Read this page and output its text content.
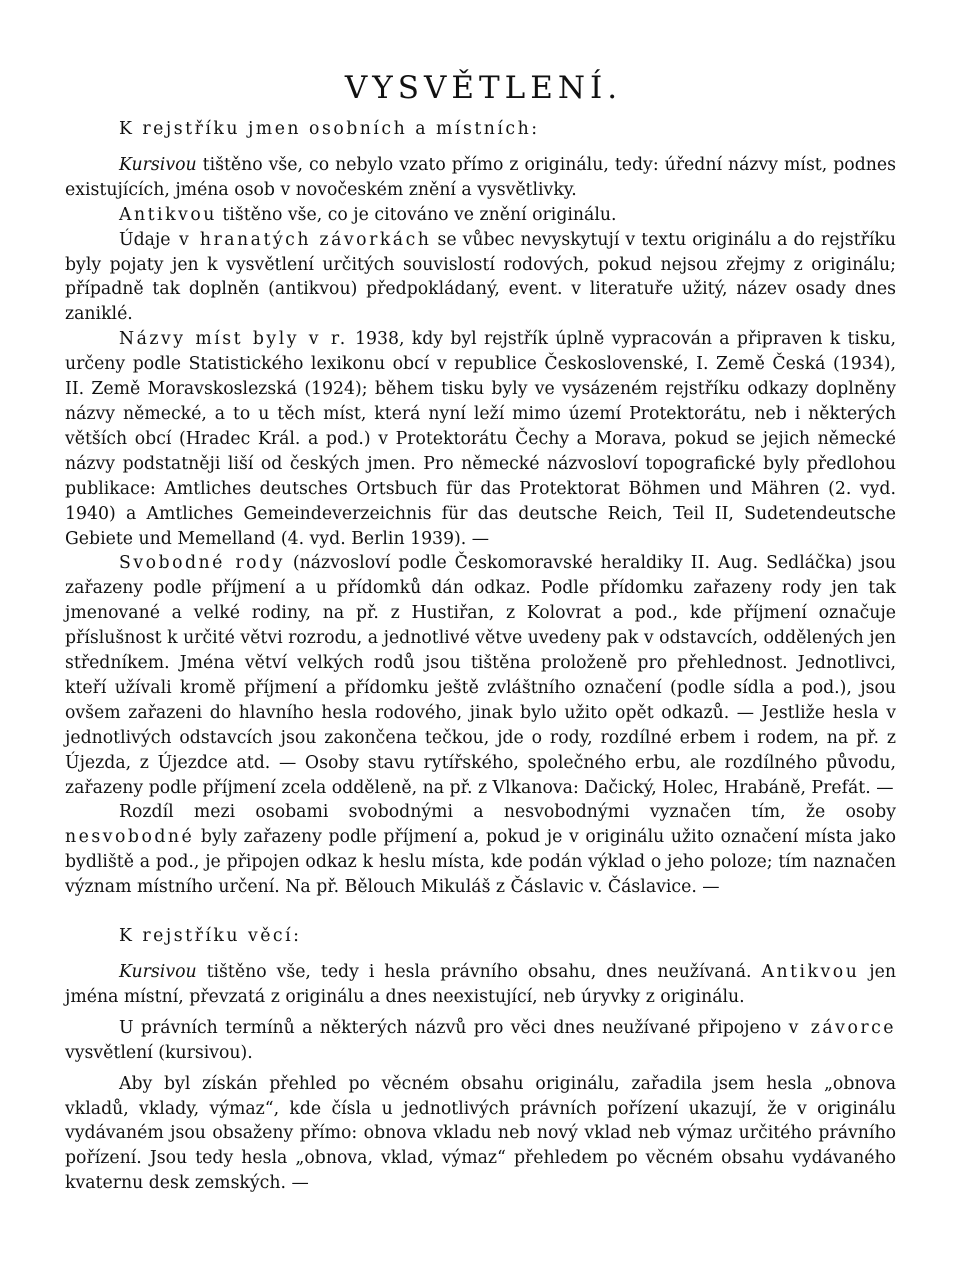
VYSVĚTLENÍ.
K rejstříku jmen osobních a místních:

Kursivou tištěno vše, co nebylo vzato přímo z originálu, tedy: úřední názvy míst, podnes existujících, jména osob v novočeském znění a vysvětlivky.

Antikvou tištěno vše, co je citováno ve znění originálu.

Údaje v hranatých závorkách se vůbec nevyskytují v textu originálu a do rejstříku byly pojaty jen k vysvětlení určitých souvislostí rodových, pokud nejsou zřejmy z originálu; případně tak doplněn (antikvou) předpokládaný, event. v literatuře užitý, název osady dnes zaniklé.

Názvy míst byly v r. 1938, kdy byl rejstřík úplně vypracován a připraven k tisku, určeny podle Statistického lexikonu obcí v republice Československé, I. Země Česká (1934), II. Země Moravskoslezská (1924); během tisku byly ve vysázeném rejstříku odkazy doplněny názvy německé, a to u těch míst, která nyní leží mimo území Protektorátu, neb i některých větších obcí (Hradec Král. a pod.) v Protektorátu Čechy a Morava, pokud se jejich německé názvy podstatněji liší od českých jmen. Pro německé názvosloví topografické byly předlohou publikace: Amtliches deutsches Ortsbuch für das Protektorat Böhmen und Mähren (2. vyd. 1940) a Amtliches Gemeindeverzeichnis für das deutsche Reich, Teil II, Sudetendeutsche Gebiete und Memelland (4. vyd. Berlin 1939). —

Svobodné rody (názvosloví podle Českomoravské heraldiky II. Aug. Sedláčka) jsou zařazeny podle příjmení a u přídomků dán odkaz. Podle přídomku zařazeny rody jen tak jmenované a velké rodiny, na př. z Hustiřan, z Kolovrat a pod., kde příjmení označuje příslušnost k určité větvi rozrodu, a jednotlivé větve uvedeny pak v odstavcích, oddělených jen středníkem. Jména větví velkých rodů jsou tištěna proloženě pro přehlednost. Jednotlivci, kteří užívali kromě příjmení a přídomku ještě zvláštního označení (podle sídla a pod.), jsou ovšem zařazeni do hlavního hesla rodového, jinak bylo užito opět odkazů. — Jestliže hesla v jednotlivých odstavcích jsou zakončena tečkou, jde o rody, rozdílné erbem i rodem, na př. z Újezda, z Újezdce atd. — Osoby stavu rytířského, společného erbu, ale rozdílného původu, zařazeny podle příjmení zcela odděleně, na př. z Vlkanova: Dačický, Holec, Hrabáně, Prefát. —

Rozdíl mezi osobami svobodnými a nesvobodnými vyznačen tím, že osoby nesvobodné byly zařazeny podle příjmení a, pokud je v originálu užito označení místa jako bydliště a pod., je připojen odkaz k heslu místa, kde podán výklad o jeho poloze; tím naznačen význam místního určení. Na př. Bělouch Mikuláš z Čáslavic v. Čáslavice. —

K rejstříku věcí:

Kursivou tištěno vše, tedy i hesla právního obsahu, dnes neužívaná. Antikvou jen jména místní, převzatá z originálu a dnes neexistující, neb úryvky z originálu.

U právních termínů a některých názvů pro věci dnes neužívané připojeno v závorce vysvětlení (kursivou).

Aby byl získán přehled po věcném obsahu originálu, zařadila jsem hesla „obnova vkladů, vklady, výmaz“, kde čísla u jednotlivých právních pořízení ukazují, že v originálu vydávaném jsou obsaženy přímo: obnova vkladu neb nový vklad neb výmaz určitého právního pořízení. Jsou tedy hesla „obnova, vklad, výmaz“ přehledem po věcném obsahu vydávaného kvaternu desk zemských. —
